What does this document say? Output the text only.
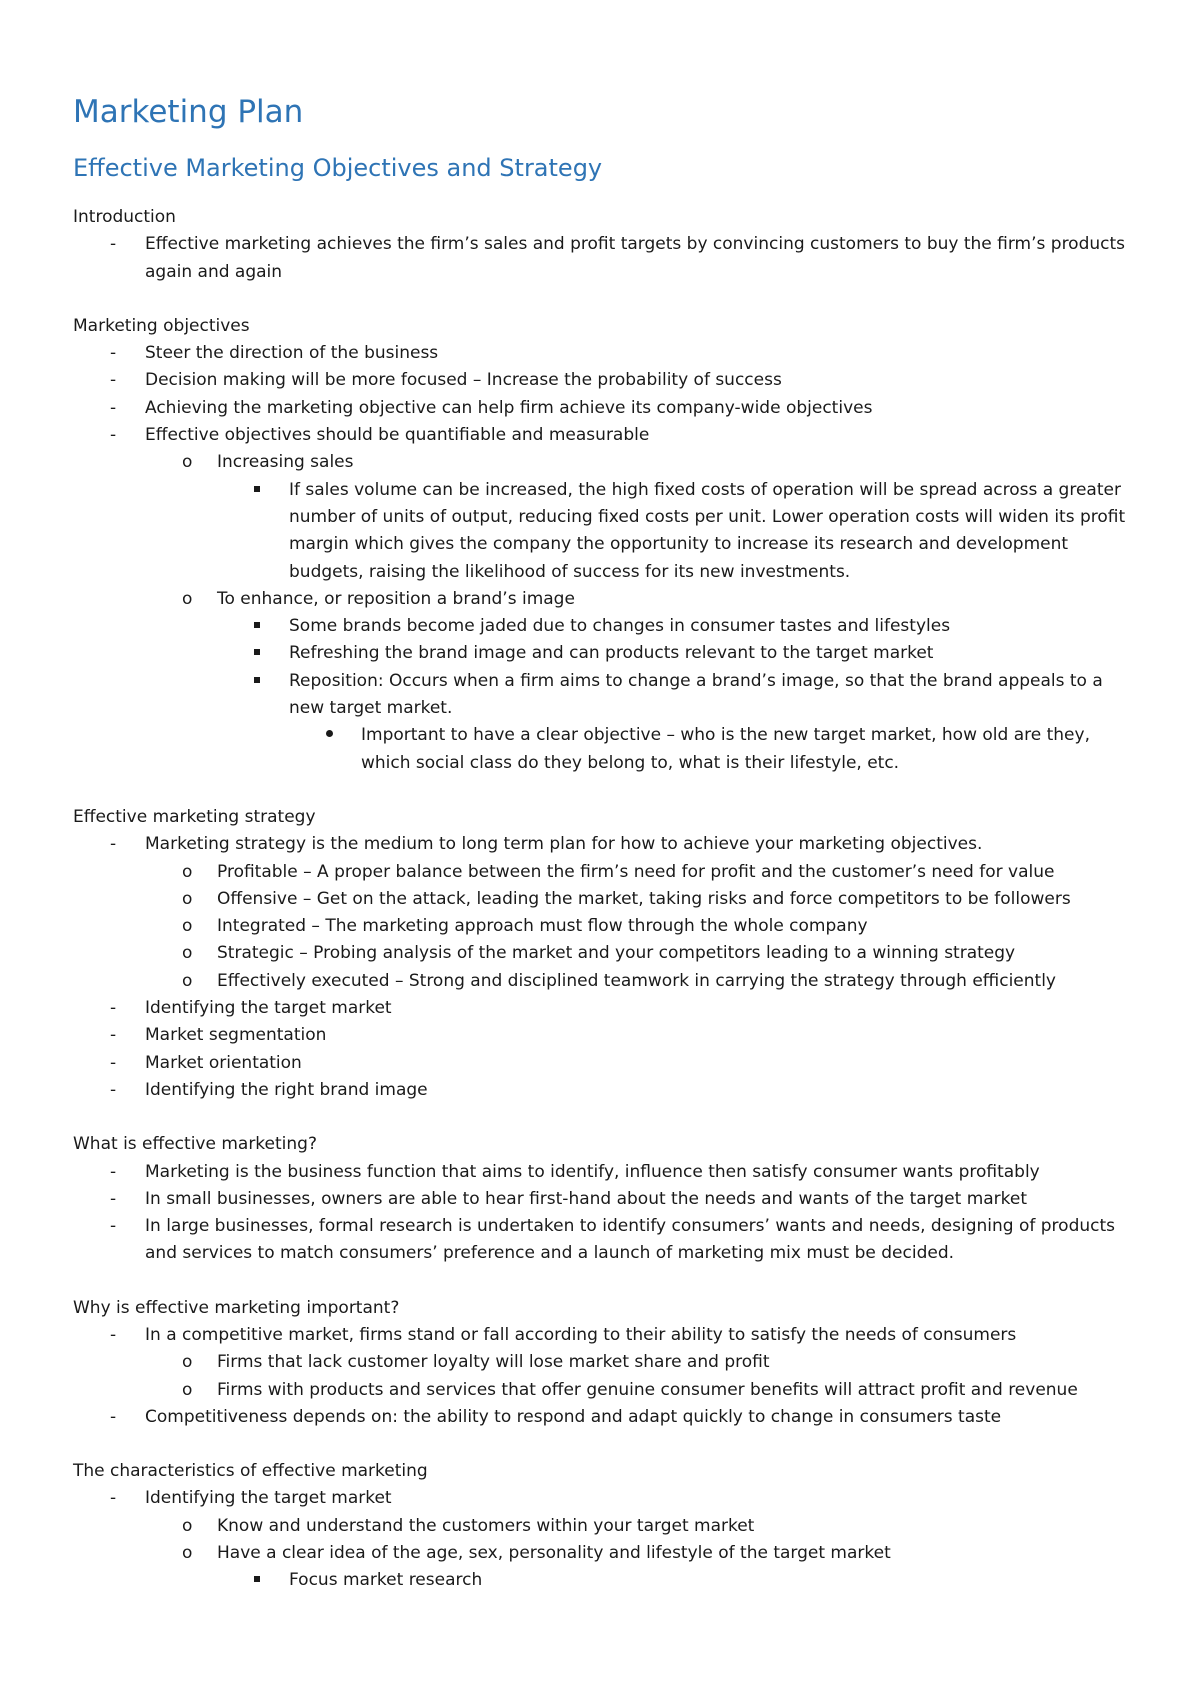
Marketing Plan
Effective Marketing Objectives and Strategy
Introduction
-	Effective marketing achieves the firm’s sales and profit targets by convincing customers to buy the firm’s products again and again
Marketing objectives
-	Steer the direction of the business
-	Decision making will be more focused – Increase the probability of success
-	Achieving the marketing objective can help firm achieve its company-wide objectives
-	Effective objectives should be quantifiable and measurable
o	Increasing sales
If sales volume can be increased, the high fixed costs of operation will be spread across a greater number of units of output, reducing fixed costs per unit. Lower operation costs will widen its profit margin which gives the company the opportunity to increase its research and development budgets, raising the likelihood of success for its new investments.
o	To enhance, or reposition a brand’s image
Some brands become jaded due to changes in consumer tastes and lifestyles
Refreshing the brand image and can products relevant to the target market
Reposition: Occurs when a firm aims to change a brand’s image, so that the brand appeals to a new target market.
Important to have a clear objective – who is the new target market, how old are they, which social class do they belong to, what is their lifestyle, etc.
Effective marketing strategy
-	Marketing strategy is the medium to long term plan for how to achieve your marketing objectives.
o	Profitable – A proper balance between the firm’s need for profit and the customer’s need for value
o	Offensive – Get on the attack, leading the market, taking risks and force competitors to be followers
o	Integrated – The marketing approach must flow through the whole company
o	Strategic – Probing analysis of the market and your competitors leading to a winning strategy
o	Effectively executed – Strong and disciplined teamwork in carrying the strategy through efficiently
-	Identifying the target market
-	Market segmentation
-	Market orientation
-	Identifying the right brand image
What is effective marketing?
-	Marketing is the business function that aims to identify, influence then satisfy consumer wants profitably
-	In small businesses, owners are able to hear first-hand about the needs and wants of the target market
-	In large businesses, formal research is undertaken to identify consumers’ wants and needs, designing of products and services to match consumers’ preference and a launch of marketing mix must be decided.
Why is effective marketing important?
-	In a competitive market, firms stand or fall according to their ability to satisfy the needs of consumers
o	Firms that lack customer loyalty will lose market share and profit
o	Firms with products and services that offer genuine consumer benefits will attract profit and revenue
-	Competitiveness depends on: the ability to respond and adapt quickly to change in consumers taste
The characteristics of effective marketing
-	Identifying the target market
o	Know and understand the customers within your target market
o	Have a clear idea of the age, sex, personality and lifestyle of the target market
Focus market research
